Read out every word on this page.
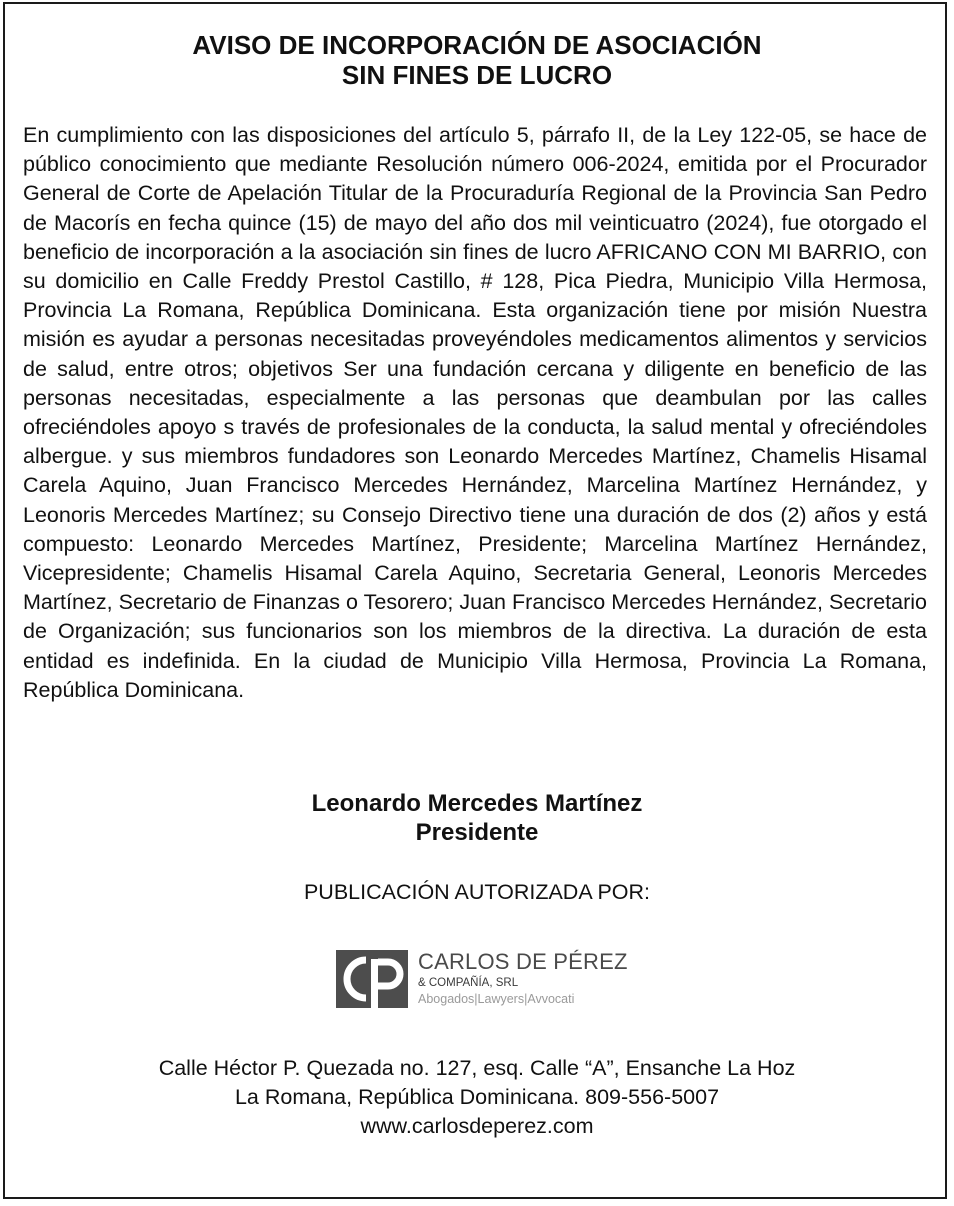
AVISO DE INCORPORACIÓN DE ASOCIACIÓN
SIN FINES DE LUCRO

En cumplimiento con las disposiciones del artículo 5, párrafo II, de la Ley 122-05, se hace de público conocimiento que mediante Resolución número 006-2024, emitida por el Procurador General de Corte de Apelación Titular de la Procuraduría Regional de la Provincia San Pedro de Macorís en fecha quince (15) de mayo del año dos mil veinticuatro (2024), fue otorgado el beneficio de incorporación a la asociación sin fines de lucro AFRICANO CON MI BARRIO, con su domicilio en Calle Freddy Prestol Castillo, # 128, Pica Piedra, Municipio Villa Hermosa, Provincia La Romana, República Dominicana. Esta organización tiene por misión Nuestra misión es ayudar a personas necesitadas proveyéndoles medicamentos alimentos y servicios de salud, entre otros; objetivos Ser una fundación cercana y diligente en beneficio de las personas necesitadas, especialmente a las personas que deambulan por las calles ofreciéndoles apoyo s través de profesionales de la conducta, la salud mental y ofreciéndoles albergue. y sus miembros fundadores son Leonardo Mercedes Martínez, Chamelis Hisamal Carela Aquino, Juan Francisco Mercedes Hernández, Marcelina Martínez Hernández, y Leonoris Mercedes Martínez; su Consejo Directivo tiene una duración de dos (2) años y está compuesto: Leonardo Mercedes Martínez, Presidente; Marcelina Martínez Hernández, Vicepresidente; Chamelis Hisamal Carela Aquino, Secretaria General, Leonoris Mercedes Martínez, Secretario de Finanzas o Tesorero; Juan Francisco Mercedes Hernández, Secretario de Organización; sus funcionarios son los miembros de la directiva. La duración de esta entidad es indefinida. En la ciudad de Municipio Villa Hermosa, Provincia La Romana, República Dominicana.

Leonardo Mercedes Martínez
Presidente
PUBLICACIÓN AUTORIZADA POR:
CARLOS DE PÉREZ
& COMPAÑÍA, SRL
Abogados|Lawyers|Avvocati
Calle Héctor P. Quezada no. 127, esq. Calle “A”, Ensanche La Hoz
La Romana, República Dominicana. 809-556-5007
www.carlosdeperez.com
